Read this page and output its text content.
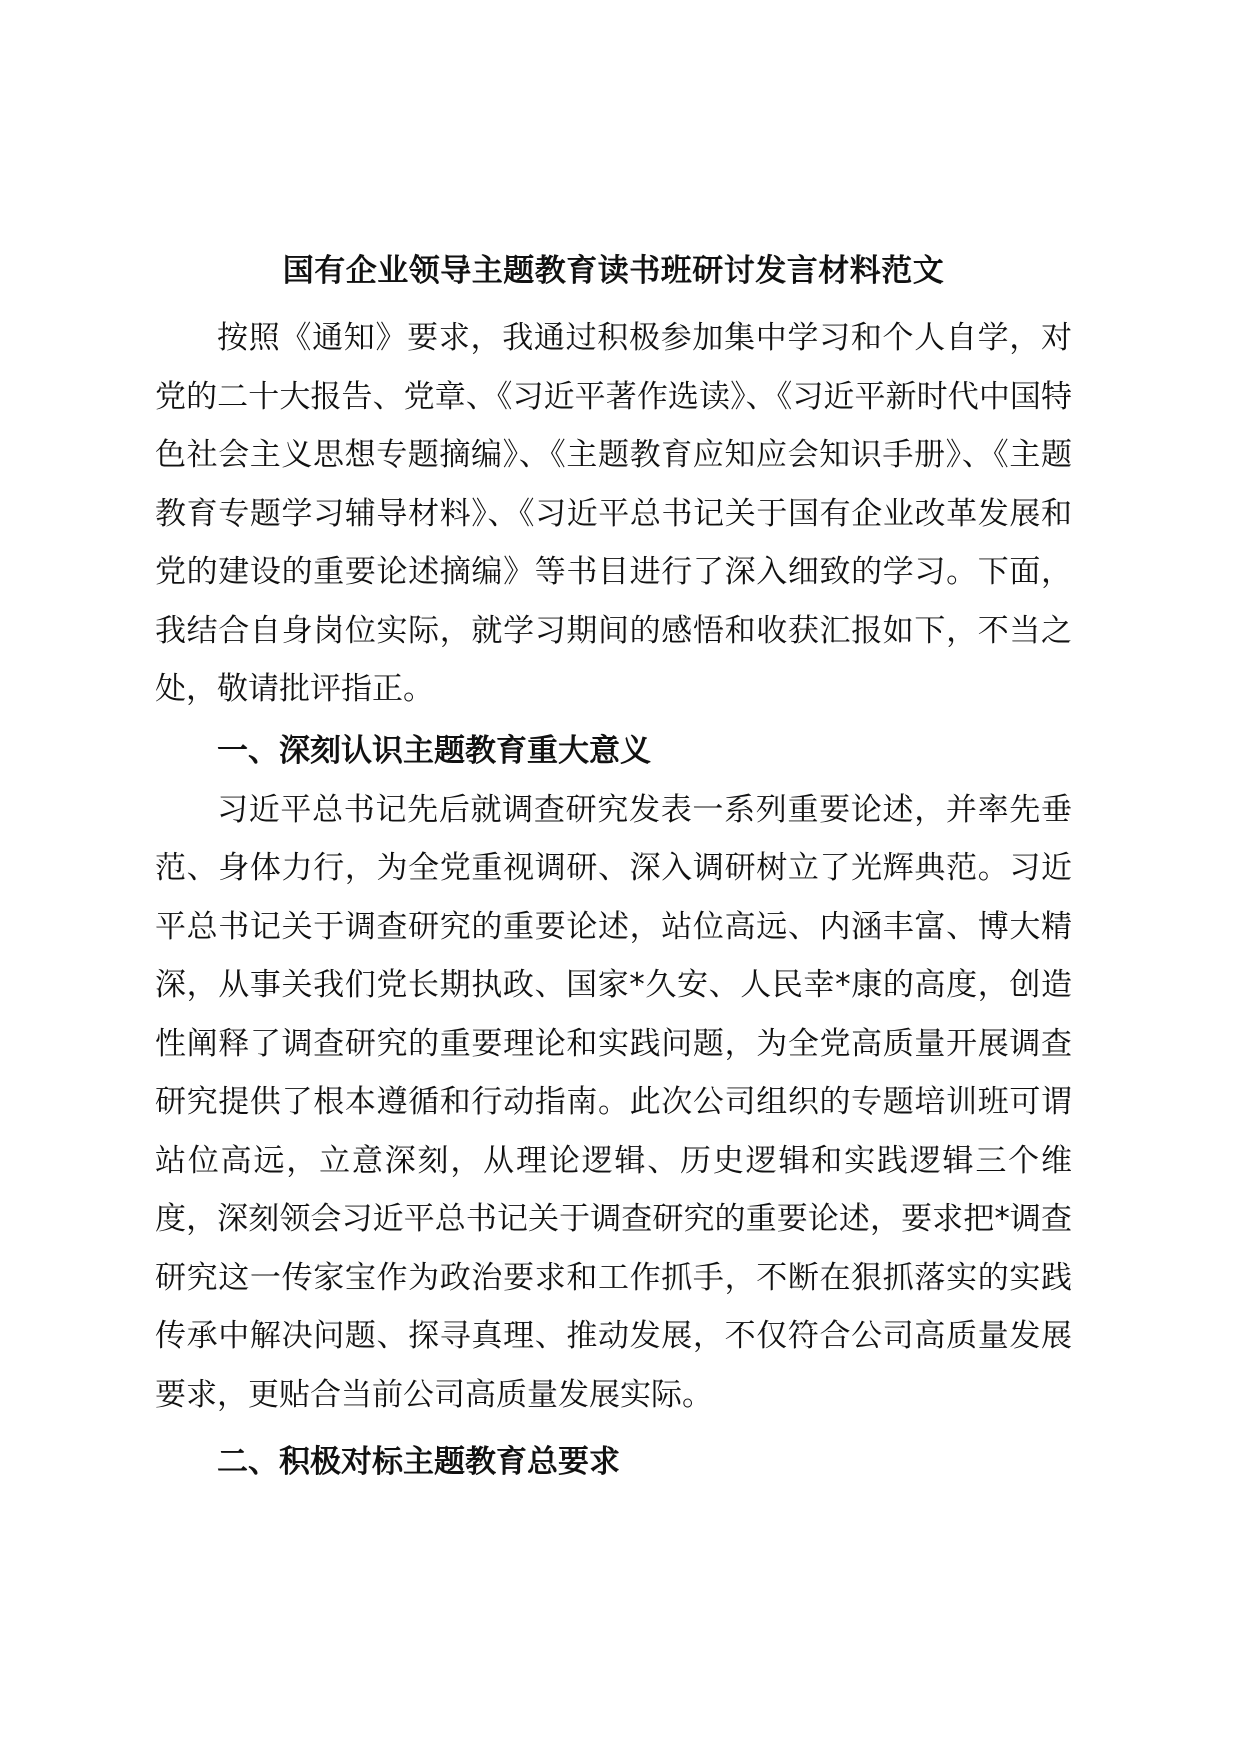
国有企业领导主题教育读书班研讨发言材料范文

按照《通知》要求，我通过积极参加集中学习和个人自学，对党的二十大报告、党章、《习近平著作选读》、《习近平新时代中国特色社会主义思想专题摘编》、《主题教育应知应会知识手册》、《主题教育专题学习辅导材料》、《习近平总书记关于国有企业改革发展和党的建设的重要论述摘编》等书目进行了深入细致的学习。下面，我结合自身岗位实际，就学习期间的感悟和收获汇报如下，不当之处，敬请批评指正。

一、深刻认识主题教育重大意义

习近平总书记先后就调查研究发表一系列重要论述，并率先垂范、身体力行，为全党重视调研、深入调研树立了光辉典范。习近平总书记关于调查研究的重要论述，站位高远、内涵丰富、博大精深，从事关我们党长期执政、国家*久安、人民幸*康的高度，创造性阐释了调查研究的重要理论和实践问题，为全党高质量开展调查研究提供了根本遵循和行动指南。此次公司组织的专题培训班可谓站位高远，立意深刻，从理论逻辑、历史逻辑和实践逻辑三个维度，深刻领会习近平总书记关于调查研究的重要论述，要求把*调查研究这一传家宝作为政治要求和工作抓手，不断在狠抓落实的实践传承中解决问题、探寻真理、推动发展，不仅符合公司高质量发展要求，更贴合当前公司高质量发展实际。

二、积极对标主题教育总要求
